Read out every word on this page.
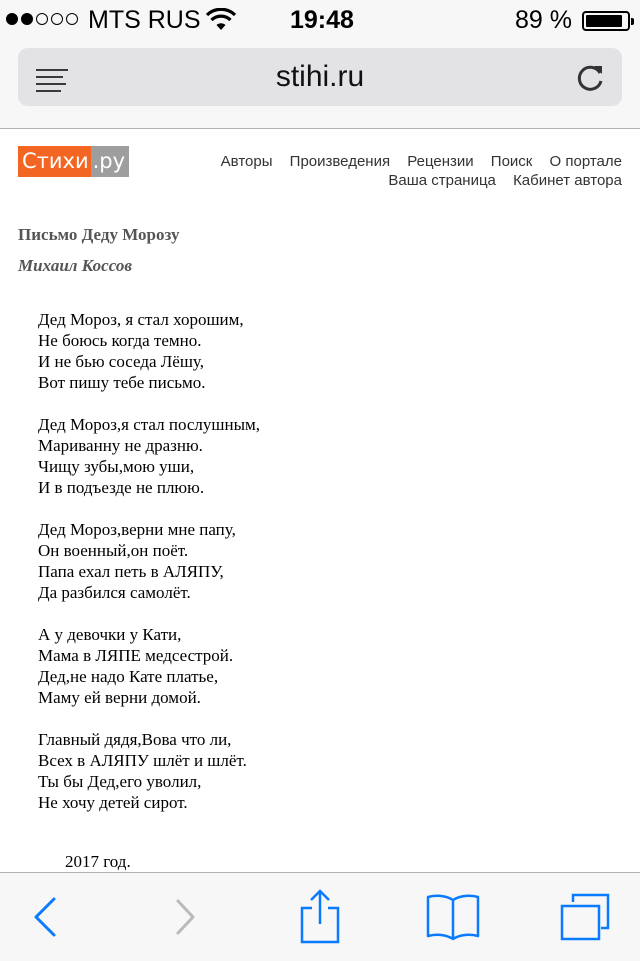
MTS RUS	19:48	89 %
stihi.ru
Стихи .ру	Авторы Произведения Рецензии Поиск О портале Ваша страница Кабинет автора
Письмо Деду Морозу
Михаил Коссов
Дед Мороз, я стал хорошим,
Не боюсь когда темно.
И не бью соседа Лёшу,
Вот пишу тебе письмо.
Дед Мороз,я стал послушным,
Мариванну не дразню.
Чищу зубы,мою уши,
И в подъезде не плюю.
Дед Мороз,верни мне папу,
Он военный,он поёт.
Папа ехал петь в АЛЯПУ,
Да разбился самолёт.
А у девочки у Кати,
Мама в ЛЯПЕ медсестрой.
Дед,не надо Кате платье,
Маму ей верни домой.
Главный дядя,Вова что ли,
Всех в АЛЯПУ шлёт и шлёт.
Ты бы Дед,его уволил,
Не хочу детей сирот.
2017 год.
